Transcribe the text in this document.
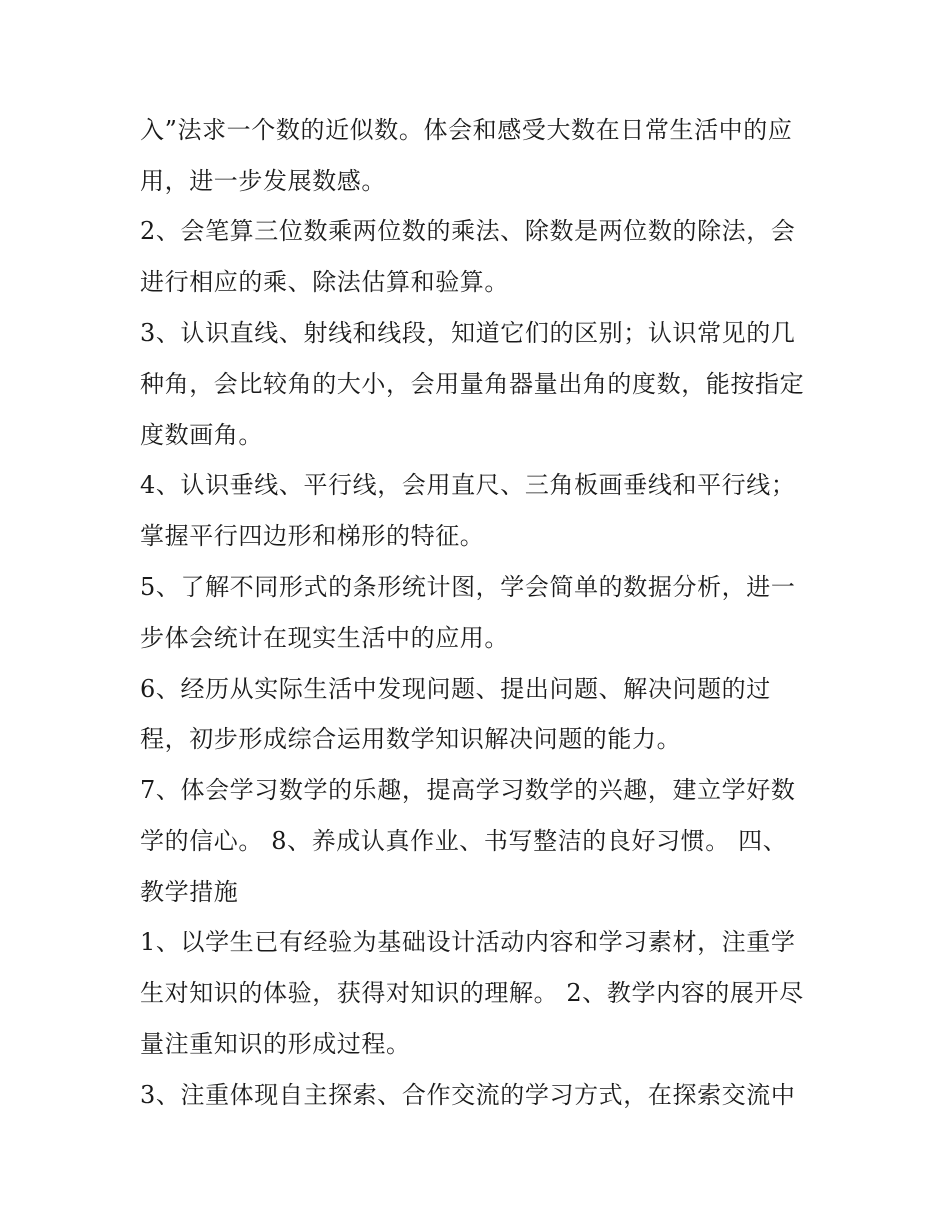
入”法求一个数的近似数。体会和感受大数在日常生活中的应
用，进一步发展数感。
2、会笔算三位数乘两位数的乘法、除数是两位数的除法，会
进行相应的乘、除法估算和验算。
3、认识直线、射线和线段，知道它们的区别；认识常见的几
种角，会比较角的大小，会用量角器量出角的度数，能按指定
度数画角。
4、认识垂线、平行线，会用直尺、三角板画垂线和平行线；
掌握平行四边形和梯形的特征。
5、了解不同形式的条形统计图，学会简单的数据分析，进一
步体会统计在现实生活中的应用。
6、经历从实际生活中发现问题、提出问题、解决问题的过
程，初步形成综合运用数学知识解决问题的能力。
7、体会学习数学的乐趣，提高学习数学的兴趣，建立学好数
学的信心。 8、养成认真作业、书写整洁的良好习惯。 四、
教学措施
1、以学生已有经验为基础设计活动内容和学习素材，注重学
生对知识的体验，获得对知识的理解。 2、教学内容的展开尽
量注重知识的形成过程。
3、注重体现自主探索、合作交流的学习方式，在探索交流中
